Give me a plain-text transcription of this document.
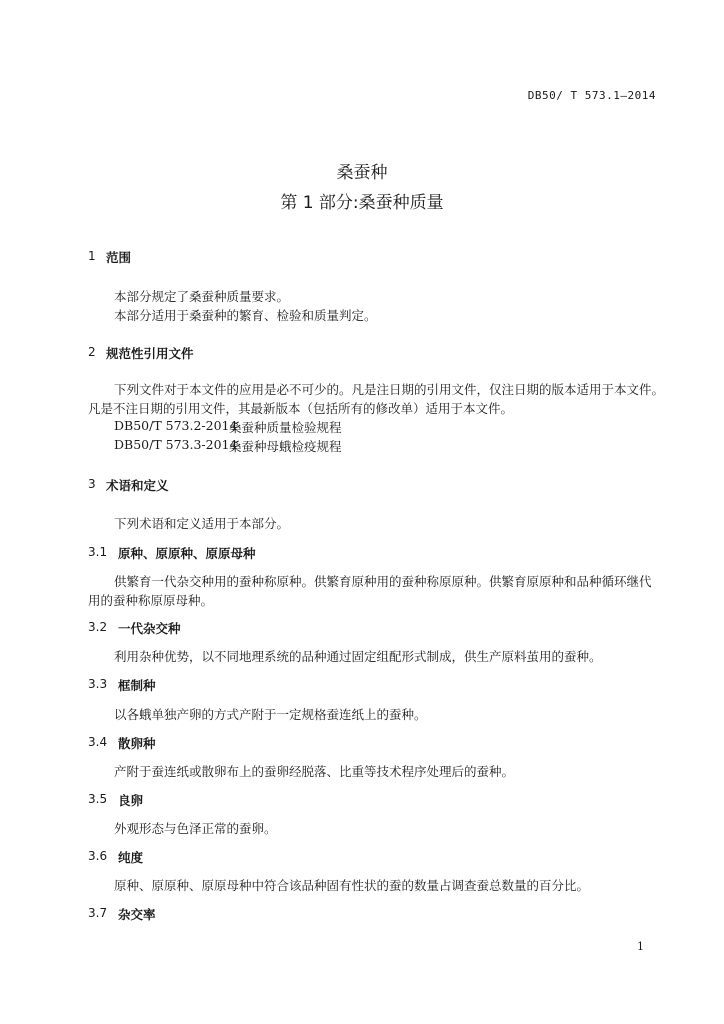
DB50/ T 573.1—2014
桑蚕种
第 1 部分:桑蚕种质量
1 范围
本部分规定了桑蚕种质量要求。
本部分适用于桑蚕种的繁育、检验和质量判定。
2 规范性引用文件
下列文件对于本文件的应用是必不可少的。凡是注日期的引用文件，仅注日期的版本适用于本文件。
凡是不注日期的引用文件，其最新版本（包括所有的修改单）适用于本文件。
DB50/T 573.2-2014
桑蚕种质量检验规程
DB50/T 573.3-2014
桑蚕种母蛾检疫规程
3 术语和定义
下列术语和定义适用于本部分。
3.1 原种、原原种、原原母种
供繁育一代杂交种用的蚕种称原种。供繁育原种用的蚕种称原原种。供繁育原原种和品种循环继代
用的蚕种称原原母种。
3.2 一代杂交种
利用杂种优势，以不同地理系统的品种通过固定组配形式制成，供生产原料茧用的蚕种。
3.3 框制种
以各蛾单独产卵的方式产附于一定规格蚕连纸上的蚕种。
3.4 散卵种
产附于蚕连纸或散卵布上的蚕卵经脱落、比重等技术程序处理后的蚕种。
3.5 良卵
外观形态与色泽正常的蚕卵。
3.6 纯度
原种、原原种、原原母种中符合该品种固有性状的蚕的数量占调查蚕总数量的百分比。
3.7 杂交率
1
